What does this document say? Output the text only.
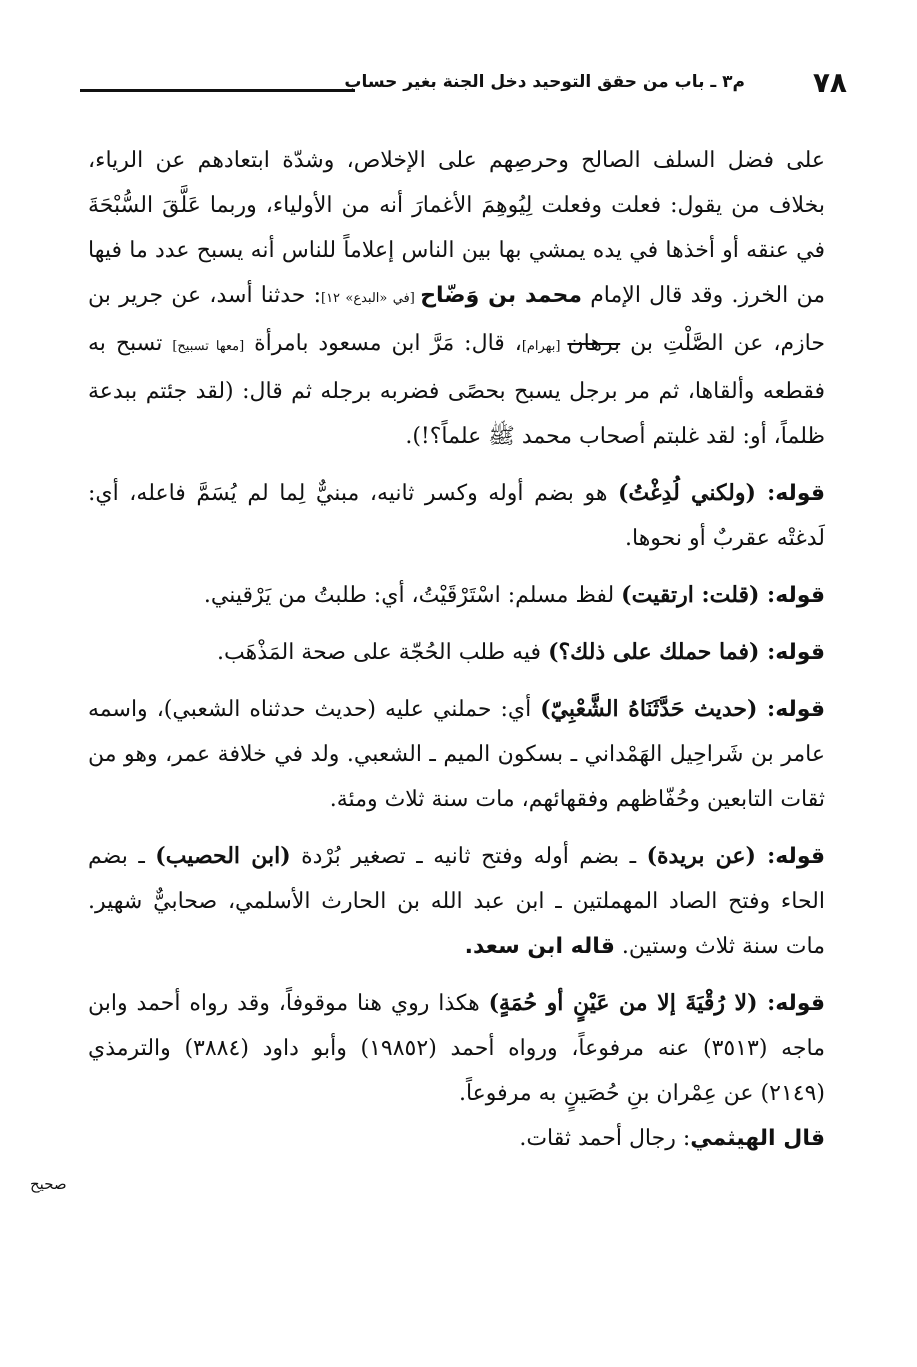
٧٨
م٣ ـ باب من حقق التوحيد دخل الجنة بغير حساب
صحيح

على فضل السلف الصالح وحرصِهم على الإخلاص، وشدّة ابتعادهم عن الرياء، بخلاف من يقول: فعلت وفعلت لِيُوهِمَ الأغمارَ أنه من الأولياء، وربما عَلَّقَ السُّبْحَةَ في عنقه أو أخذها في يده يمشي بها بين الناس إعلاماً للناس أنه يسبح عدد ما فيها من الخرز. وقد قال الإمام محمد بن وَضّاح [في «البدع» ١٢]: حدثنا أسد، عن جرير بن حازم، عن الصَّلْتِ بن برهان [بهرام]، قال: مَرَّ ابن مسعود بامرأة [معها تسبيح] تسبح به فقطعه وألقاها، ثم مر برجل يسبح بحصًى فضربه برجله ثم قال: (لقد جئتم ببدعة ظلماً، أو: لقد غلبتم أصحاب محمد ﷺ علماً؟!).

قوله: (ولكني لُدِغْتُ) هو بضم أوله وكسر ثانيه، مبنيٌّ لِما لم يُسَمَّ فاعله، أي: لَدغتْه عقربٌ أو نحوها.

قوله: (قلت: ارتقيت) لفظ مسلم: اسْتَرْقَيْتُ، أي: طلبتُ من يَرْقيني.

قوله: (فما حملك على ذلك؟) فيه طلب الحُجّة على صحة المَذْهَب.

قوله: (حديث حَدَّثَنَاهُ الشَّعْبِيّ) أي: حملني عليه (حديث حدثناه الشعبي)، واسمه عامر بن شَراحِيل الهَمْداني ـ بسكون الميم ـ الشعبي. ولد في خلافة عمر، وهو من ثقات التابعين وحُفّاظهم وفقهائهم، مات سنة ثلاث ومئة.

قوله: (عن بريدة) ـ بضم أوله وفتح ثانيه ـ تصغير بُرْدة (ابن الحصيب) ـ بضم الحاء وفتح الصاد المهملتين ـ ابن عبد الله بن الحارث الأسلمي، صحابيٌّ شهير. مات سنة ثلاث وستين. قاله ابن سعد.

قوله: (لا رُقْيَةَ إلا من عَيْنٍ أو حُمَةٍ) هكذا روي هنا موقوفاً، وقد رواه أحمد وابن ماجه (٣٥١٣) عنه مرفوعاً، ورواه أحمد (١٩٨٥٢) وأبو داود (٣٨٨٤) والترمذي (٢١٤٩) عن عِمْران بنِ حُصَينٍ به مرفوعاً.
قال الهيثمي: رجال أحمد ثقات.
